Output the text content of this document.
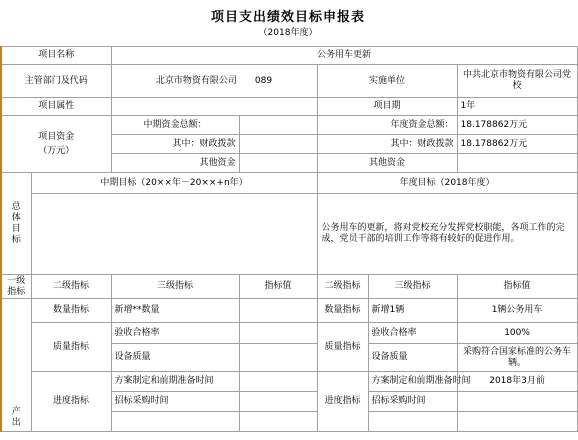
项目支出绩效目标申报表
（2018年度）
项目名称		公务用车更新				
主管部门及代码		北京市物资有限公司　　089		实施单位		中共北京市物资有限公司党校
项目属性				项目期		1年

项目资金
（万元）		中期资金总额：		年度资金总额：		18.178862万元
		其中：财政拨款		其中：财政拨款		18.178862万元
		其他资金		其他资金		

总
体
目
标	中期目标（20××年－20××+n年）			年度目标（2018年度）		
				公务用车的更新，将对党校充分发挥党校职能，各项工作的完成，党员干部的培训工作等将有较好的促进作用。		
一级指标	二级指标	三级指标	指标值	二级指标	三级指标	指标值

产
出	数量指标	新增**数量		数量指标	新增1辆	1辆公务用车
	质量指标	验收合格率		质量指标	验收合格率	100%
		设备质量			设备质量	采购符合国家标准的公务车辆。
	进度指标	方案制定和前期准备时间		进度指标	方案制定和前期准备时间	2018年3月前
		招标采购时间			招标采购时间	
